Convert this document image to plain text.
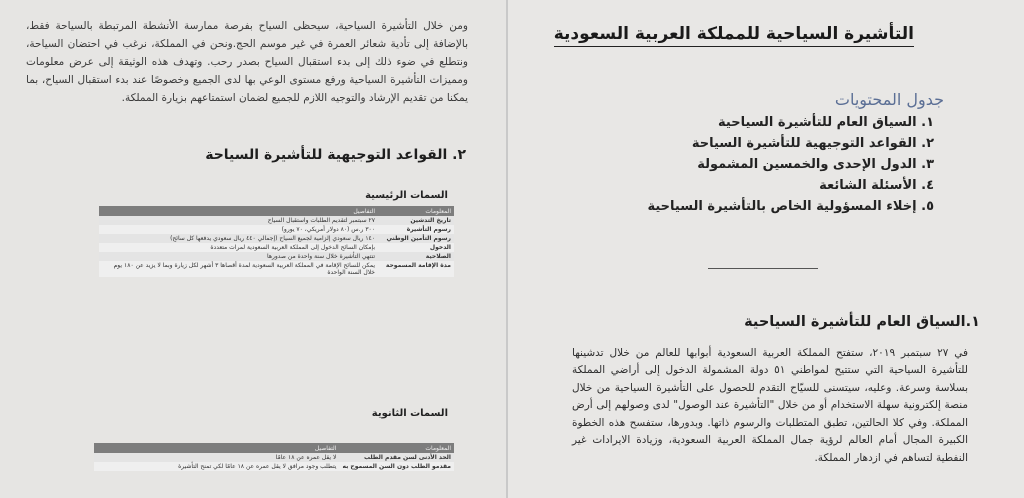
ومن خلال التأشيرة السياحية، سيحظى السياح بفرصة ممارسة الأنشطة المرتبطة بالسياحة فقط، بالإضافة إلى تأدية شعائر العمرة في غير موسم الحج.ونحن في المملكة، نرغب في احتضان السياحة، ونتطلع في ضوء ذلك إلى بدء استقبال السياح بصدر رحب. وتهدف هذه الوثيقة إلى عرض معلومات ومميزات التأشيرة السياحية ورفع مستوى الوعي بها لدى الجميع وخصوصًا عند بدء استقبال السياح، بما يمكنا من تقديم الإرشاد والتوجيه اللازم للجميع لضمان استمتاعهم بزيارة المملكة.

٢. القواعد التوجيهية للتأشيرة السياحة
السمات الرئيسية
المعلومات	التفاصيل
تاريخ التدشين	٢٧ سبتمبر لتقديم الطلبات واستقبال السياح
رسوم التأشيرة	٣٠٠ ر.س (٨٠ دولار أمريكي، ٧٠ يورو)
رسوم التأمين الوطني	١٤٠ ريال سعودي إلزامية لجميع السياح (إجمالي ٤٤٠ ريال سعودي يدفعها كل سائح)
الدخول	بإمكان السائح الدخول إلى المملكة العربية السعودية لمرات متعددة
الصلاحية	تنتهي التأشيرة خلال سنة واحدة من صدورها
مدة الإقامة المسموحة	يمكن للسائح الإقامة في المملكة العربية السعودية لمدة أقصاها ٣ أشهر لكل زيارة وبما لا يزيد عن ١٨٠ يوم خلال السنة الواحدة
السمات الثانوية
المعلومات	التفاصيل
الحد الأدنى لسن مقدم الطلب	لا يقل عمره عن ١٨ عامًا
مقدمو الطلب دون السن المسموح به	يتطلب وجود مرافق لا يقل عمره عن ١٨ عامًا لكي تمنح التأشيرة
التأشيرة السياحية للمملكة العربية السعودية
جدول المحتويات
١. السياق العام للتأشيرة السياحية
٢. القواعد التوجيهية للتأشيرة السياحة
٣. الدول الإحدى والخمسين المشمولة
٤. الأسئلة الشائعة
٥. إخلاء المسؤولية الخاص بالتأشيرة السياحية
١.السياق العام للتأشيرة السياحية

في ٢٧ سبتمبر ٢٠١٩، ستفتح المملكة العربية السعودية أبوابها للعالم من خلال تدشينها للتأشيرة السياحية التي ستتيح لمواطني ٥١ دولة المشمولة الدخول إلى أراضي المملكة بسلاسة وسرعة. وعليه، سيتسنى للسيّاح التقدم للحصول على التأشيرة السياحية من خلال منصة إلكترونية سهلة الاستخدام أو من خلال "التأشيرة عند الوصول" لدى وصولهم إلى أرض المملكة. وفي كلا الحالتين، تطبق المتطلبات والرسوم ذاتها. وبدورها، ستفسح هذه الخطوة الكبيرة المجال أمام العالم لرؤية جمال المملكة العربية السعودية، وزيادة الايرادات غير النفطية لتساهم في ازدهار المملكة.
